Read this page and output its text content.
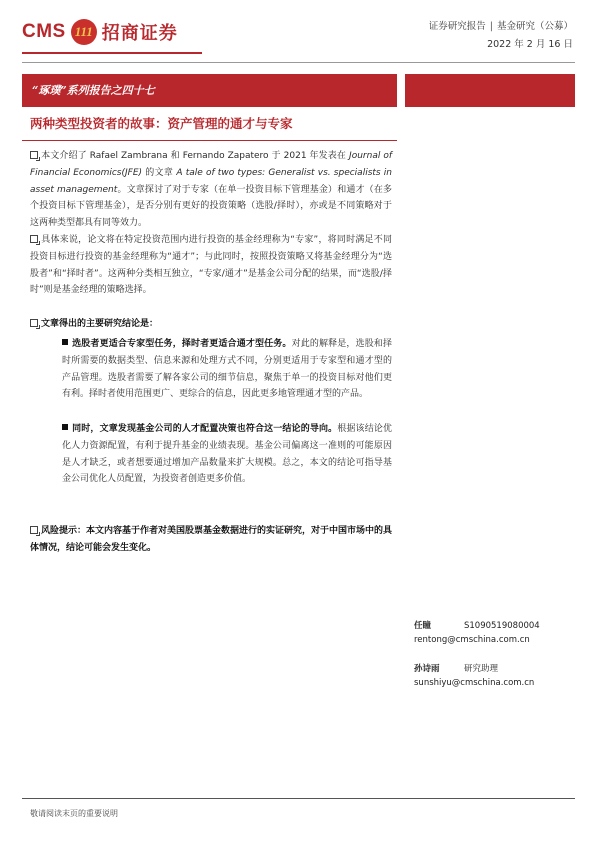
CMS 111 招商证券	证券研究报告 | 基金研究（公募）
2022 年 2 月 16 日
“琢璞”系列报告之四十七
两种类型投资者的故事：资产管理的通才与专家
本文介绍了 Rafael Zambrana 和 Fernando Zapatero 于 2021 年发表在 Journal of Financial Economics(JFE) 的文章 A tale of two types: Generalist vs. specialists in asset management。文章探讨了对于专家（在单一投资目标下管理基金）和通才（在多个投资目标下管理基金），是否分别有更好的投资策略（选股/择时），亦或是不同策略对于这两种类型都具有同等效力。
具体来说，论文将在特定投资范围内进行投资的基金经理称为“专家”，将同时满足不同投资目标进行投资的基金经理称为“通才”；与此同时，按照投资策略又将基金经理分为“选股者”和“择时者”。这两种分类相互独立，“专家/通才”是基金公司分配的结果，而“选股/择时”则是基金经理的策略选择。
文章得出的主要研究结论是：
选股者更适合专家型任务，择时者更适合通才型任务。对此的解释是，选股和择时所需要的数据类型、信息来源和处理方式不同，分别更适用于专家型和通才型的产品管理。选股者需要了解各家公司的细节信息，聚焦于单一的投资目标对他们更有利。择时者使用范围更广、更综合的信息，因此更多地管理通才型的产品。
同时，文章发现基金公司的人才配置决策也符合这一结论的导向。根据该结论优化人力资源配置，有利于提升基金的业绩表现。基金公司偏离这一准则的可能原因是人才缺乏，或者想要通过增加产品数量来扩大规模。总之，本文的结论可指导基金公司优化人员配置，为投资者创造更多价值。
风险提示：本文内容基于作者对美国股票基金数据进行的实证研究，对于中国市场中的具体情况，结论可能会发生变化。
任瞳	S1090519080004
rentong@cmschina.com.cn
孙诗雨	研究助理
sunshiyu@cmschina.com.cn
敬请阅读末页的重要说明
